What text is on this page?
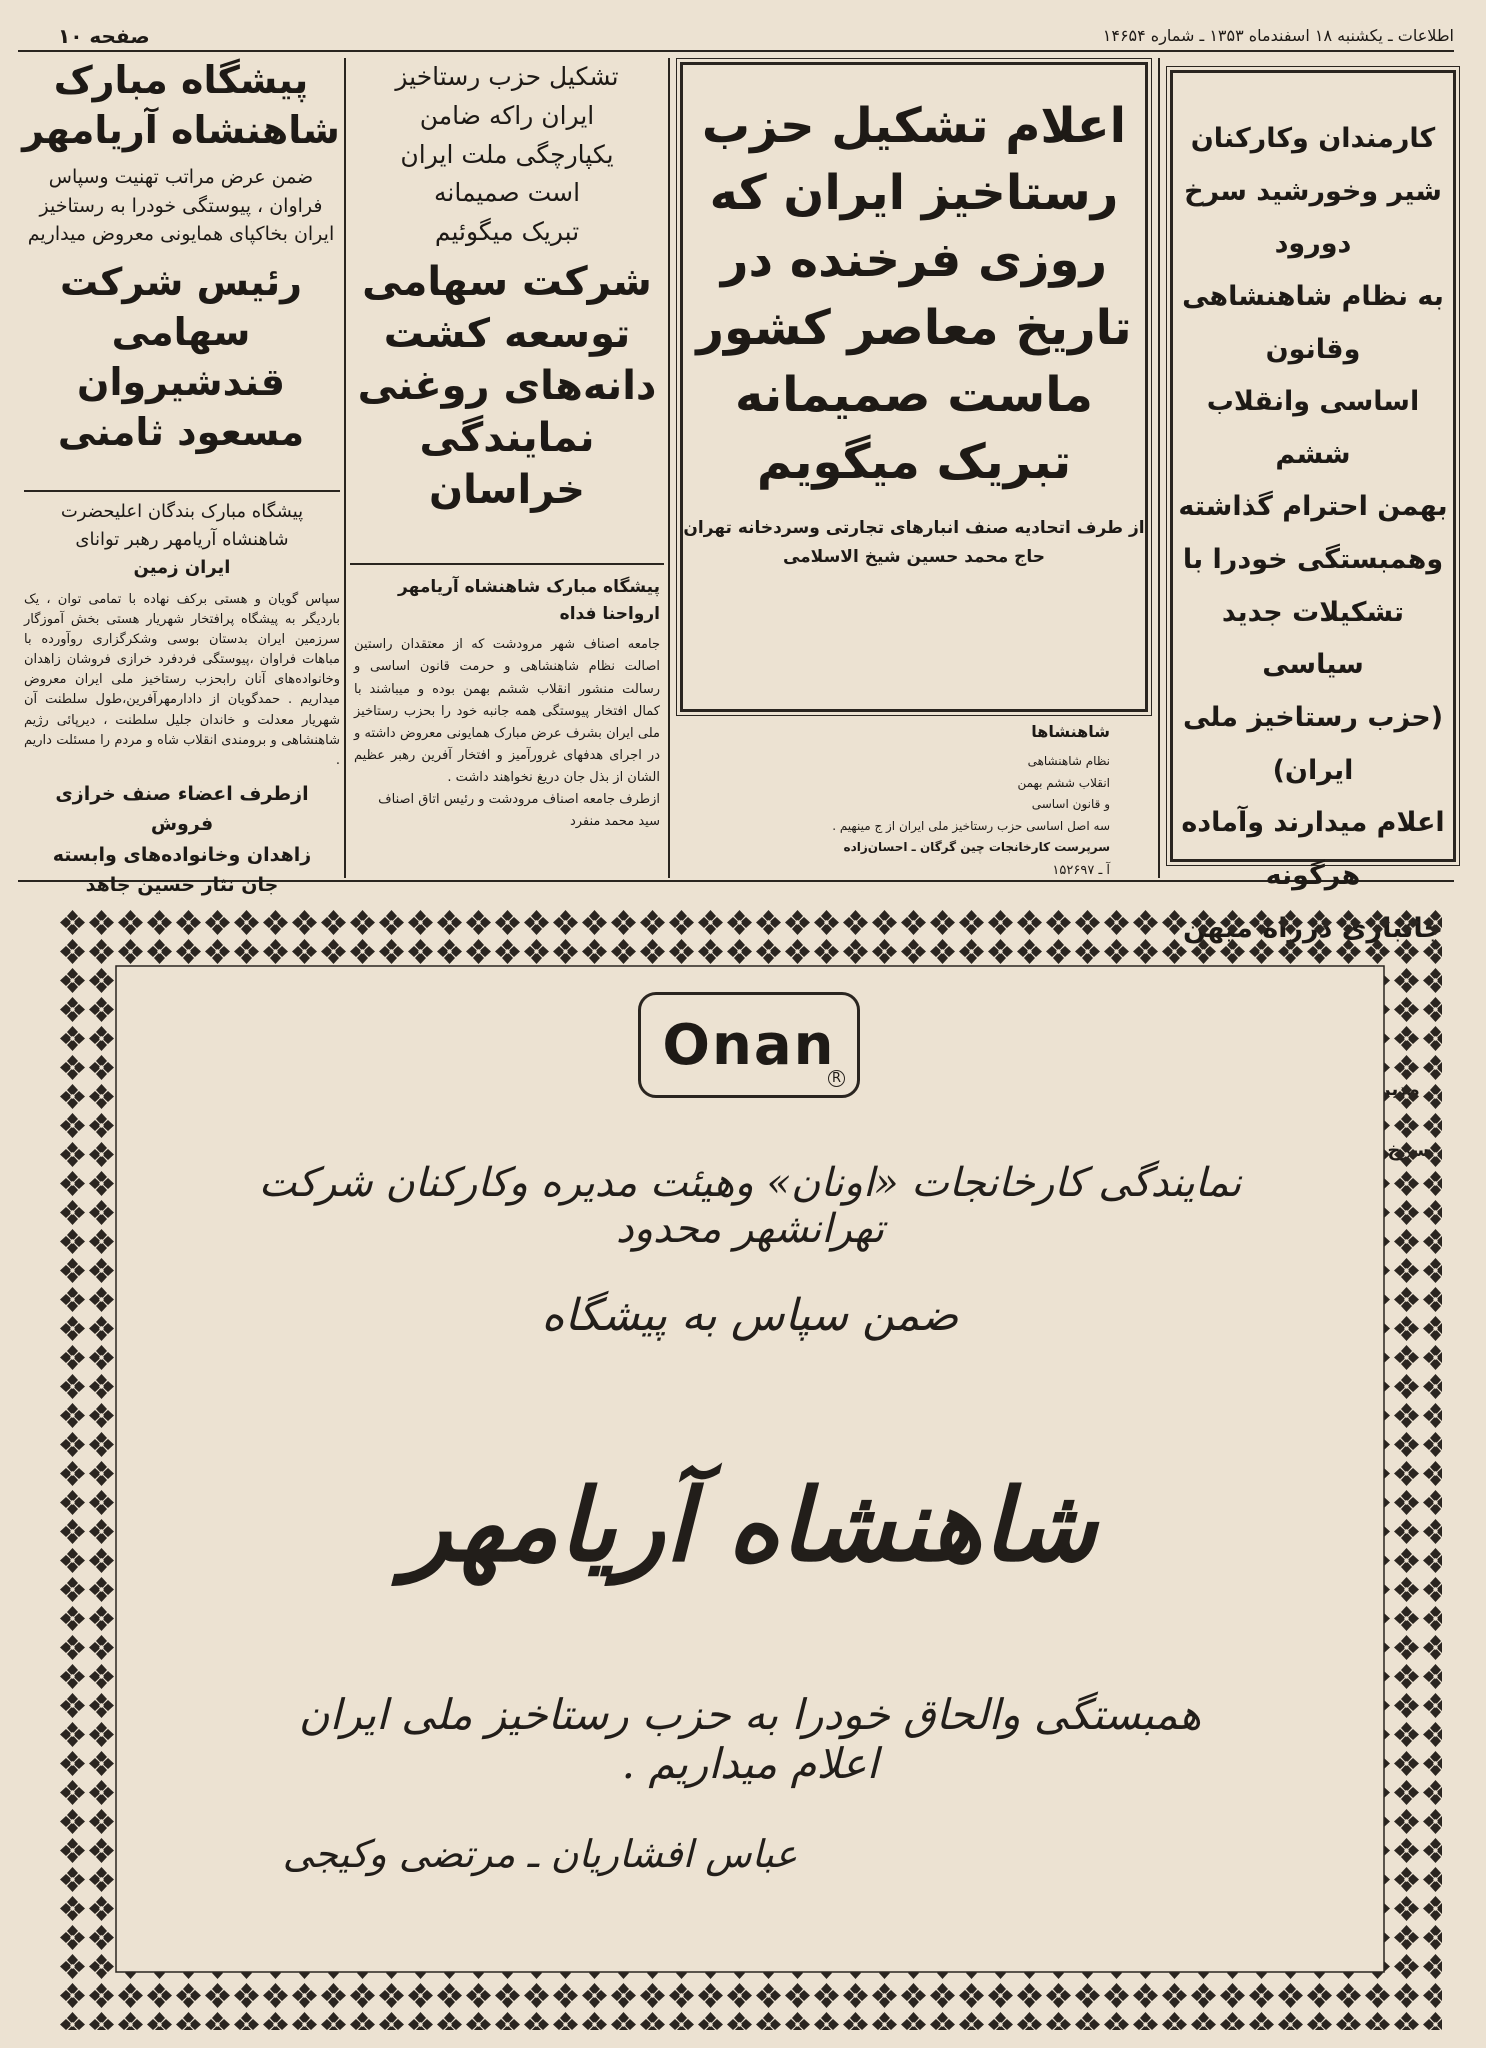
صفحه ۱۰	اطلاعات ـ یکشنبه ۱۸ اسفندماه ۱۳۵۳ ـ شماره ۱۴۶۵۴
پیشگاه مبارک
شاهنشاه آریامهر
ضمن عرض مراتب تهنیت وسپاس
فراوان ، پیوستگی خودرا به رستاخیز
ایران بخاکپای همایونی معروض میداریم
رئیس شرکت سهامی
قندشیروان
مسعود ثامنی
پیشگاه مبارک بندگان اعلیحضرت
شاهنشاه آریامهر رهبر توانای
ایران زمین
سپاس گویان و هستی برکف نهاده با تمامی توان ، یک باردیگر به پیشگاه پرافتخار شهریار هستی بخش آموزگار سرزمین ایران بدستان بوسی وشکرگزاری روآورده با مباهات فراوان ،پیوستگی فردفرد خرازی فروشان زاهدان وخانواده‌های آنان رابحزب رستاخیز ملی ایران معروض میداریم . حمدگویان از دادارمهرآفرین،طول سلطنت آن شهریار معدلت و خاندان جلیل سلطنت ، دیرپائی رژیم شاهنشاهی و برومندی انقلاب شاه و مردم را مسئلت داریم .
ازطرف اعضاء صنف خرازی فروش
زاهدان وخانواده‌های وابسته
جان نثار حسین جاهد
تشکیل حزب رستاخیز
ایران راکه ضامن
یکپارچگی ملت ایران
است صمیمانه
تبریک میگوئیم
شرکت سهامی
توسعه کشت
دانه‌های روغنی
نمایندگی خراسان
پیشگاه مبارک شاهنشاه آریامهر
ارواحنا فداه
جامعه اصناف شهر مرودشت که از معتقدان راستین اصالت نظام شاهنشاهی و حرمت قانون اساسی و رسالت منشور انقلاب ششم بهمن بوده و میباشند با کمال افتخار پیوستگی همه جانبه خود را بحزب رستاخیز ملی ایران بشرف عرض مبارک همایونی معروض داشته و در اجرای هدفهای غرورآمیز و افتخار آفرین رهبر عظیم الشان از بذل جان دریغ نخواهند داشت .
ازطرف جامعه اصناف مرودشت و رئیس اتاق اصناف
سید محمد منفرد
اعلام تشکیل حزب
رستاخیز ایران که
روزی فرخنده در
تاریخ معاصر کشور
ماست صمیمانه
تبریک میگویم
از طرف اتحادیه صنف انبارهای تجارتی وسردخانه تهران
حاج محمد حسین شیخ الاسلامی
شاهنشاها
نظام شاهنشاهی
انقلاب ششم بهمن
و قانون اساسی
سه اصل اساسی حزب رستاخیز ملی ایران از ج مینهیم .
سرپرست کارخانجات چین گرگان ـ احسان‌زاده
آ ـ ۱۵۲۶۹۷
کارمندان وکارکنان
شیر وخورشید سرخ دورود
به نظام شاهنشاهی وقانون
اساسی وانقلاب ششم
بهمن احترام گذاشته
وهمبستگی خودرا با
تشکیلات جدید سیاسی
(حزب رستاخیز ملی ایران)
اعلام میدارند وآماده هرگونه
Onan
R
نمایندگی کارخانجات «اونان» وهیئت مدیره وکارکنان شرکت تهرانشهر محدود
ضمن سپاس به پیشگاه
شاهنشاه آریامهر
همبستگی والحاق خودرا به حزب رستاخیز ملی ایران اعلام میداریم .
عباس افشاریان ـ مرتضی وکیجی
